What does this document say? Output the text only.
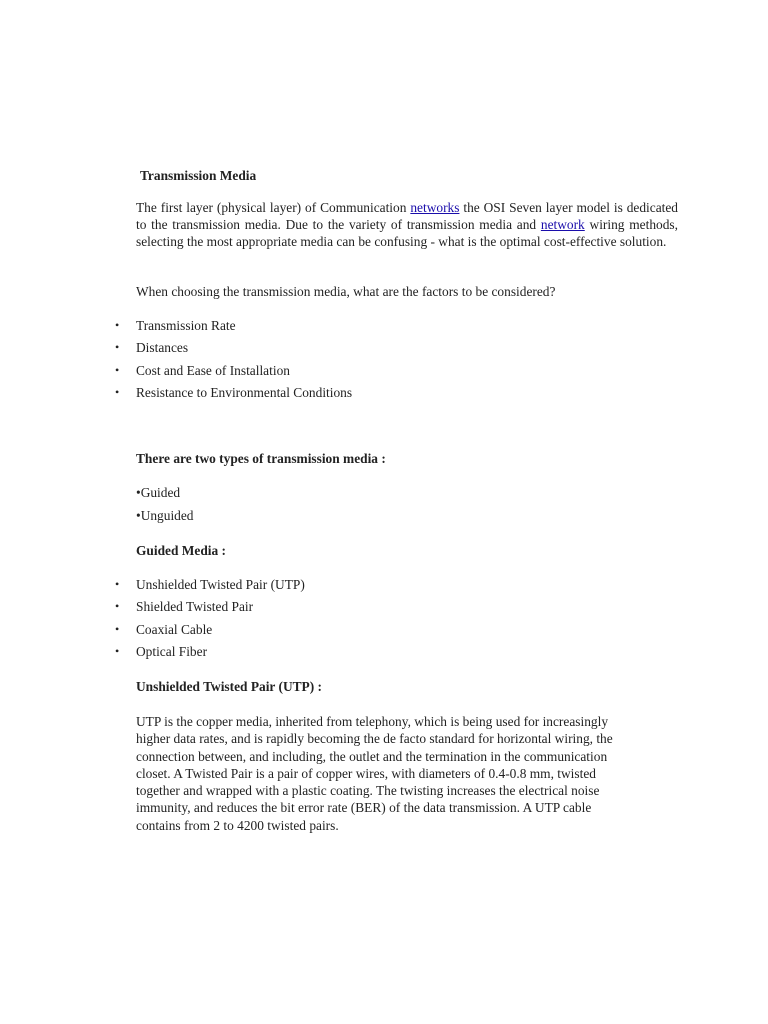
Transmission Media

The first layer (physical layer) of Communication networks the OSI Seven layer model is dedicated to the transmission media. Due to the variety of transmission media and network wiring methods, selecting the most appropriate media can be confusing - what is the optimal cost-effective solution.

When choosing the transmission media, what are the factors to be considered?

• Transmission Rate
• Distances
• Cost and Ease of Installation
• Resistance to Environmental Conditions

There are two types of transmission media :

•Guided
•Unguided

Guided Media :

• Unshielded Twisted Pair (UTP)
• Shielded Twisted Pair
• Coaxial Cable
• Optical Fiber

Unshielded Twisted Pair (UTP) :

UTP is the copper media, inherited from telephony, which is being used for increasingly
higher data rates, and is rapidly becoming the de facto standard for horizontal wiring, the
connection between, and including, the outlet and the termination in the communication
closet. A Twisted Pair is a pair of copper wires, with diameters of 0.4-0.8 mm, twisted
together and wrapped with a plastic coating. The twisting increases the electrical noise
immunity, and reduces the bit error rate (BER) of the data transmission. A UTP cable
contains from 2 to 4200 twisted pairs.
